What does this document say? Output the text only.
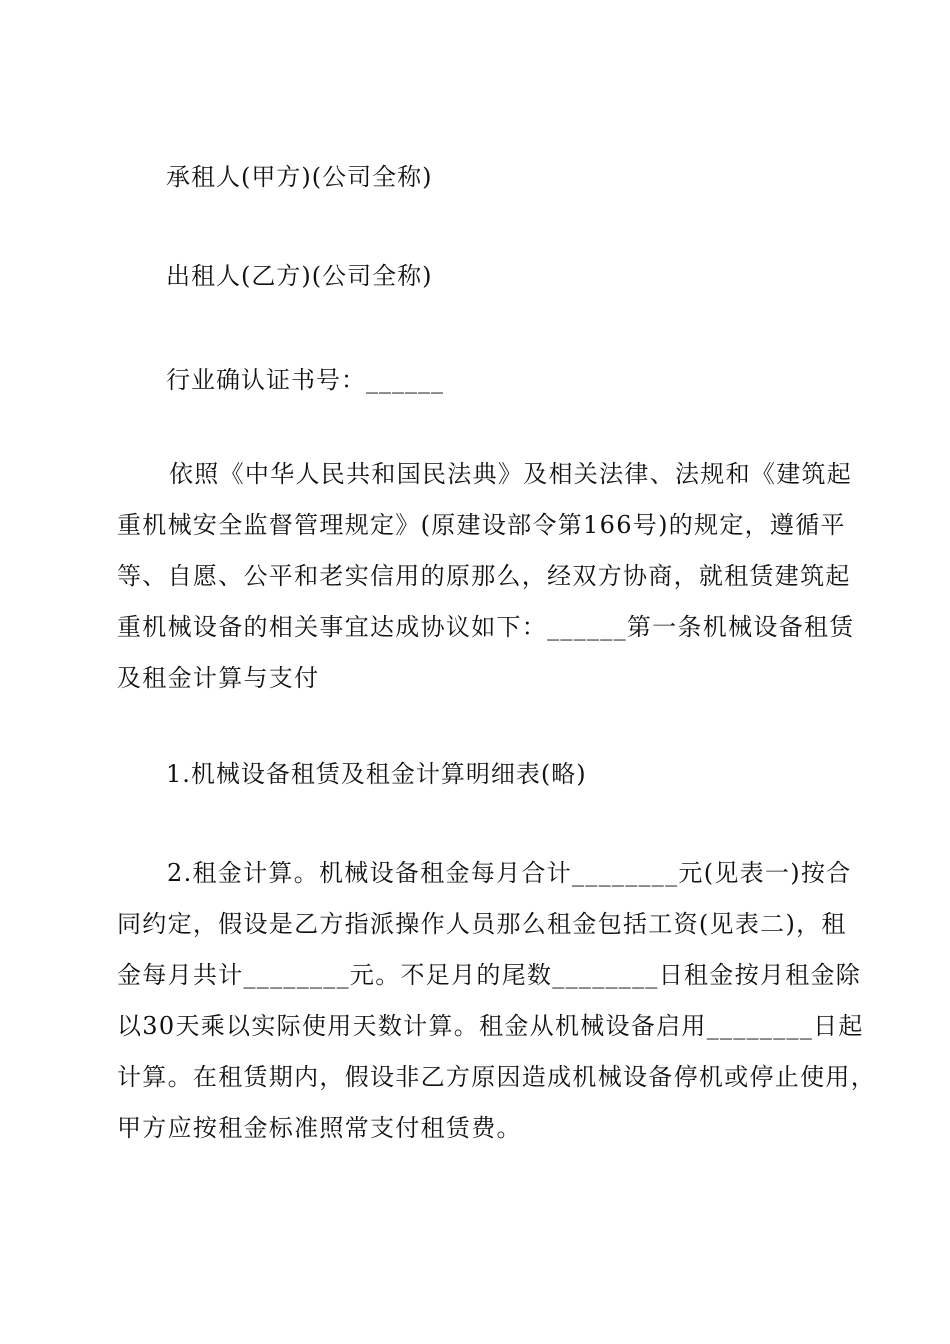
承租人(甲方)(公司全称)
出租人(乙方)(公司全称)
行业确认证书号：______

依照《中华人民共和国民法典》及相关法律、法规和《建筑起

重机械安全监督管理规定》(原建设部令第166号)的规定，遵循平

等、自愿、公平和老实信用的原那么，经双方协商，就租赁建筑起

重机械设备的相关事宜达成协议如下：______第一条机械设备租赁

及租金计算与支付

1.机械设备租赁及租金计算明细表(略)

2.租金计算。机械设备租金每月合计________元(见表一)按合

同约定，假设是乙方指派操作人员那么租金包括工资(见表二)，租

金每月共计________元。不足月的尾数________日租金按月租金除

以30天乘以实际使用天数计算。租金从机械设备启用________日起

计算。在租赁期内，假设非乙方原因造成机械设备停机或停止使用，

甲方应按租金标准照常支付租赁费。
